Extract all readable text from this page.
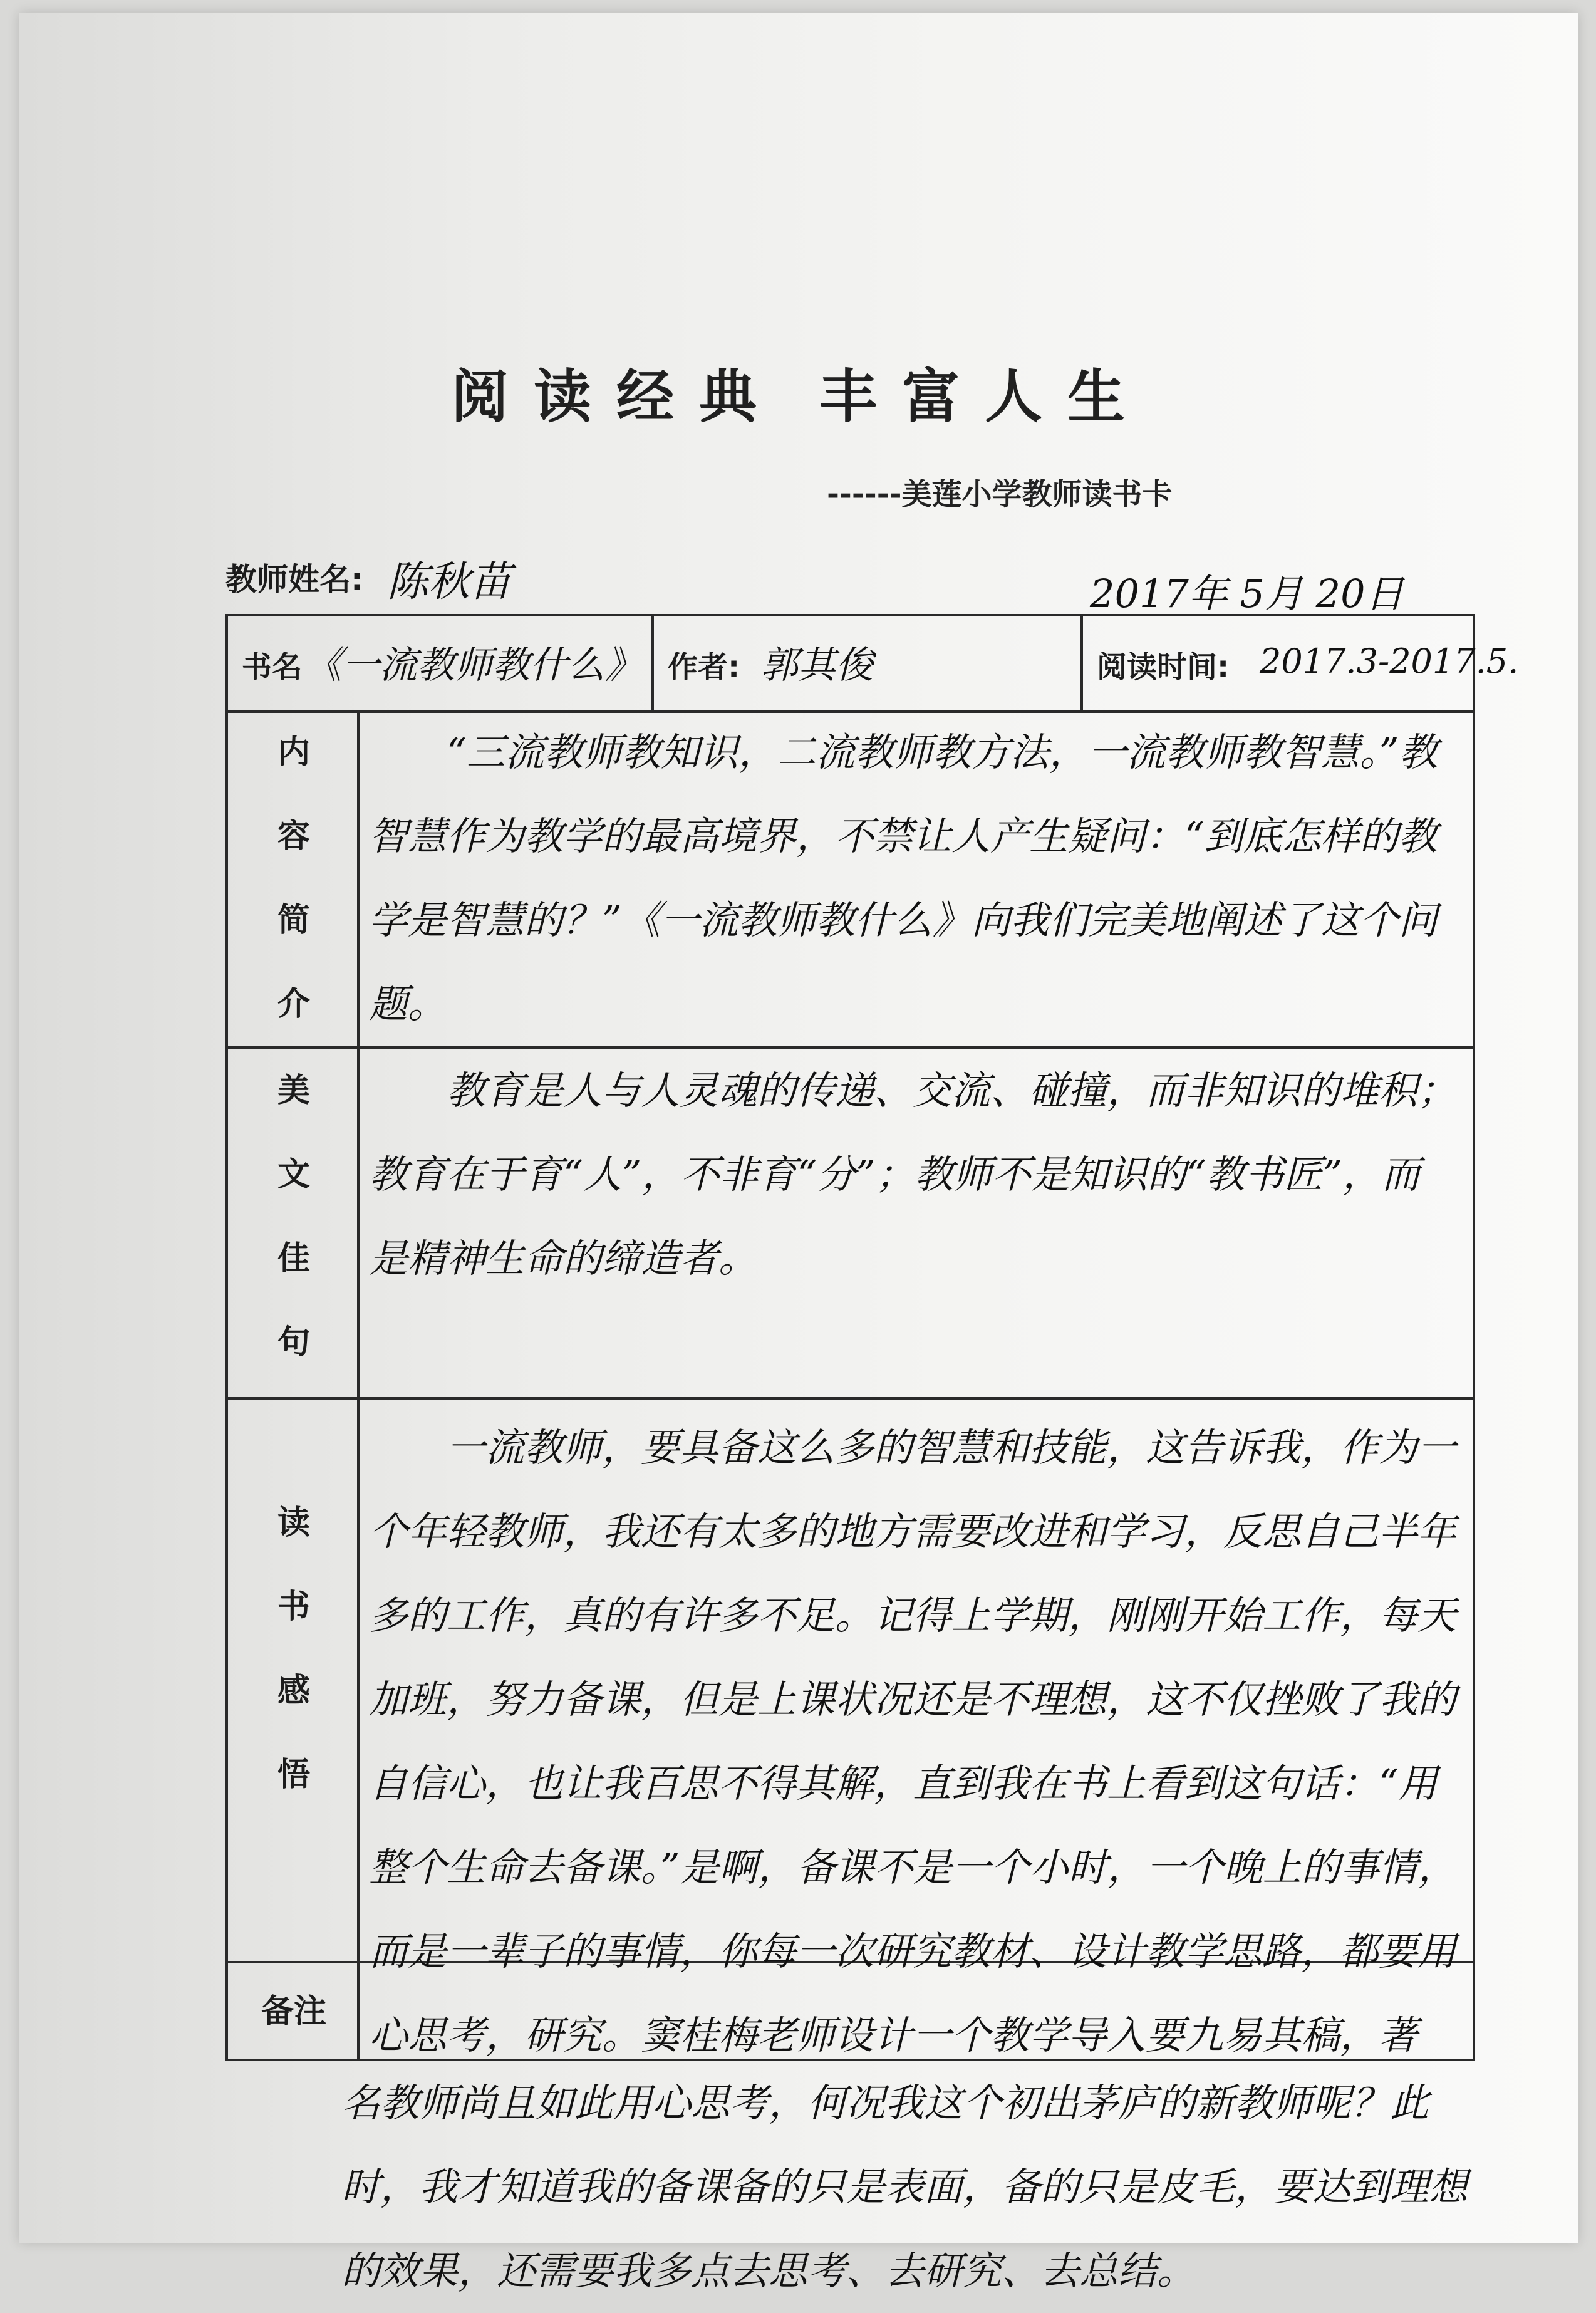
阅读经典 丰富人生
------美莲小学教师读书卡
教师姓名: 陈秋苗	2017年 5月 20日
书名 《一流教师教什么》 作者: 郭其俊	阅读时间: 2017.3-2017.5.
内
容
简
介

“三流教师教知识，二流教师教方法，一流教师教智慧。”教智慧作为教学的最高境界，不禁让人产生疑问：“到底怎样的教学是智慧的？”《一流教师教什么》向我们完美地阐述了这个问题。

美
文
佳
句

教育是人与人灵魂的传递、交流、碰撞，而非知识的堆积；教育在于育“人”，不非育“分”；教师不是知识的“教书匠”，而是精神生命的缔造者。

读
书
感
悟

一流教师，要具备这么多的智慧和技能，这告诉我，作为一个年轻教师，我还有太多的地方需要改进和学习，反思自己半年多的工作，真的有许多不足。记得上学期，刚刚开始工作，每天加班，努力备课，但是上课状况还是不理想，这不仅挫败了我的自信心，也让我百思不得其解，直到我在书上看到这句话：“用整个生命去备课。”是啊，备课不是一个小时，一个晚上的事情，而是一辈子的事情，你每一次研究教材、设计教学思路，都要用心思考，研究。窦桂梅老师设计一个教学导入要九易其稿，著

备注
名教师尚且如此用心思考，何况我这个初出茅庐的新教师呢？此时，我才知道我的备课备的只是表面，备的只是皮毛，要达到理想的效果，还需要我多点去思考、去研究、去总结。
